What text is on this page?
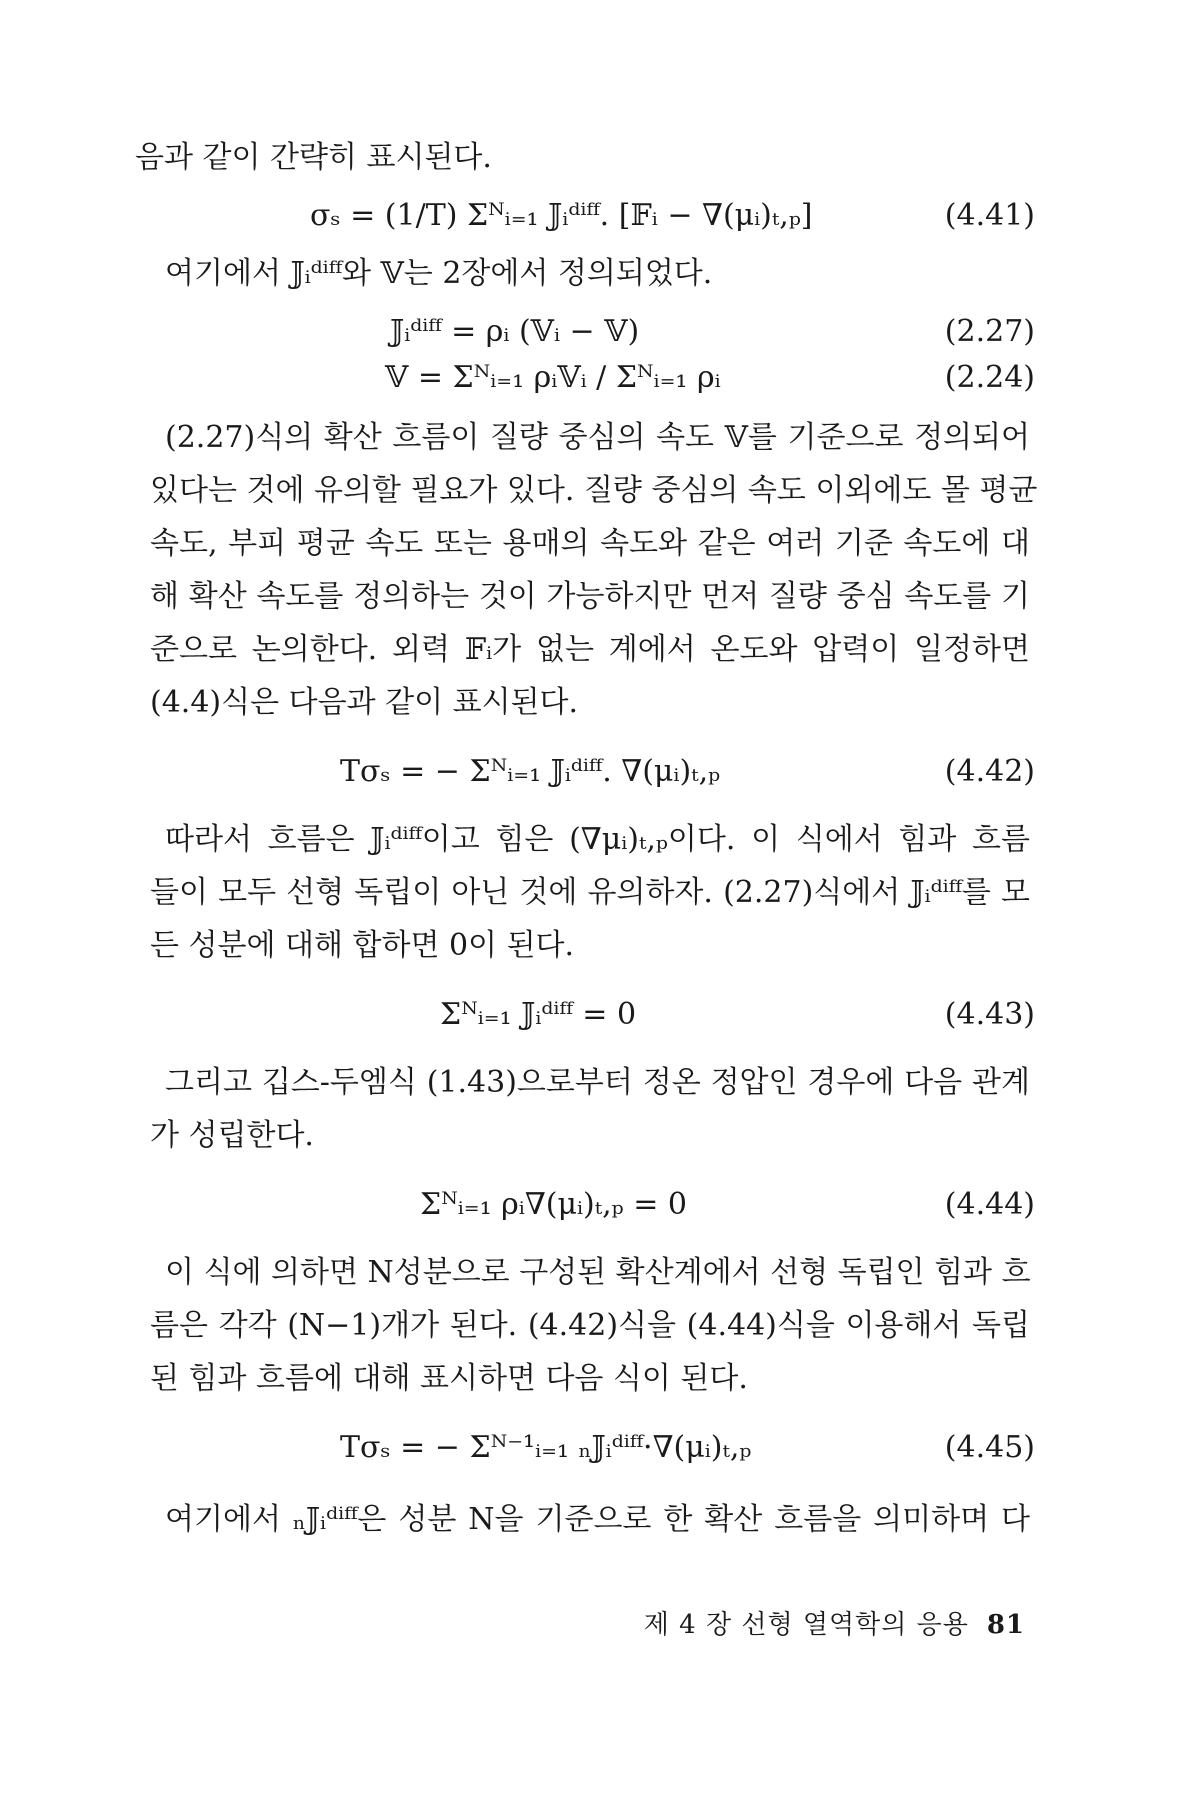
음과 같이 간략히 표시된다.
σₛ = (1/T) Σᴺᵢ₌₁ 𝕁ᵢᵈⁱᶠᶠ. [𝔽ᵢ − ∇(μᵢ)ₜ,ₚ]	(4.41)
여기에서 𝕁ᵢᵈⁱᶠᶠ와 𝕍는 2장에서 정의되었다.
𝕁ᵢᵈⁱᶠᶠ = ρᵢ (𝕍ᵢ − 𝕍)	(2.27)
𝕍 = Σᴺᵢ₌₁ ρᵢ𝕍ᵢ / Σᴺᵢ₌₁ ρᵢ	(2.24)
(2.27)식의 확산 흐름이 질량 중심의 속도 𝕍를 기준으로 정의되어
있다는 것에 유의할 필요가 있다. 질량 중심의 속도 이외에도 몰 평균
속도, 부피 평균 속도 또는 용매의 속도와 같은 여러 기준 속도에 대
해 확산 속도를 정의하는 것이 가능하지만 먼저 질량 중심 속도를 기
준으로 논의한다. 외력 𝔽ᵢ가 없는 계에서 온도와 압력이 일정하면
(4.4)식은 다음과 같이 표시된다.
Tσₛ = − Σᴺᵢ₌₁ 𝕁ᵢᵈⁱᶠᶠ. ∇(μᵢ)ₜ,ₚ	(4.42)
따라서 흐름은 𝕁ᵢᵈⁱᶠᶠ이고 힘은 (∇μᵢ)ₜ,ₚ이다. 이 식에서 힘과 흐름
들이 모두 선형 독립이 아닌 것에 유의하자. (2.27)식에서 𝕁ᵢᵈⁱᶠᶠ를 모
든 성분에 대해 합하면 0이 된다.
Σᴺᵢ₌₁ 𝕁ᵢᵈⁱᶠᶠ = 0	(4.43)
그리고 깁스-두엠식 (1.43)으로부터 정온 정압인 경우에 다음 관계
가 성립한다.
Σᴺᵢ₌₁ ρᵢ∇(μᵢ)ₜ,ₚ = 0	(4.44)
이 식에 의하면 N성분으로 구성된 확산계에서 선형 독립인 힘과 흐
름은 각각 (N−1)개가 된다. (4.42)식을 (4.44)식을 이용해서 독립
된 힘과 흐름에 대해 표시하면 다음 식이 된다.
Tσₛ = − Σᴺ⁻¹ᵢ₌₁ ₙ𝕁ᵢᵈⁱᶠᶠ·∇(μᵢ)ₜ,ₚ	(4.45)
여기에서 ₙ𝕁ᵢᵈⁱᶠᶠ은 성분 N을 기준으로 한 확산 흐름을 의미하며 다
제 4 장 선형 열역학의 응용 81
